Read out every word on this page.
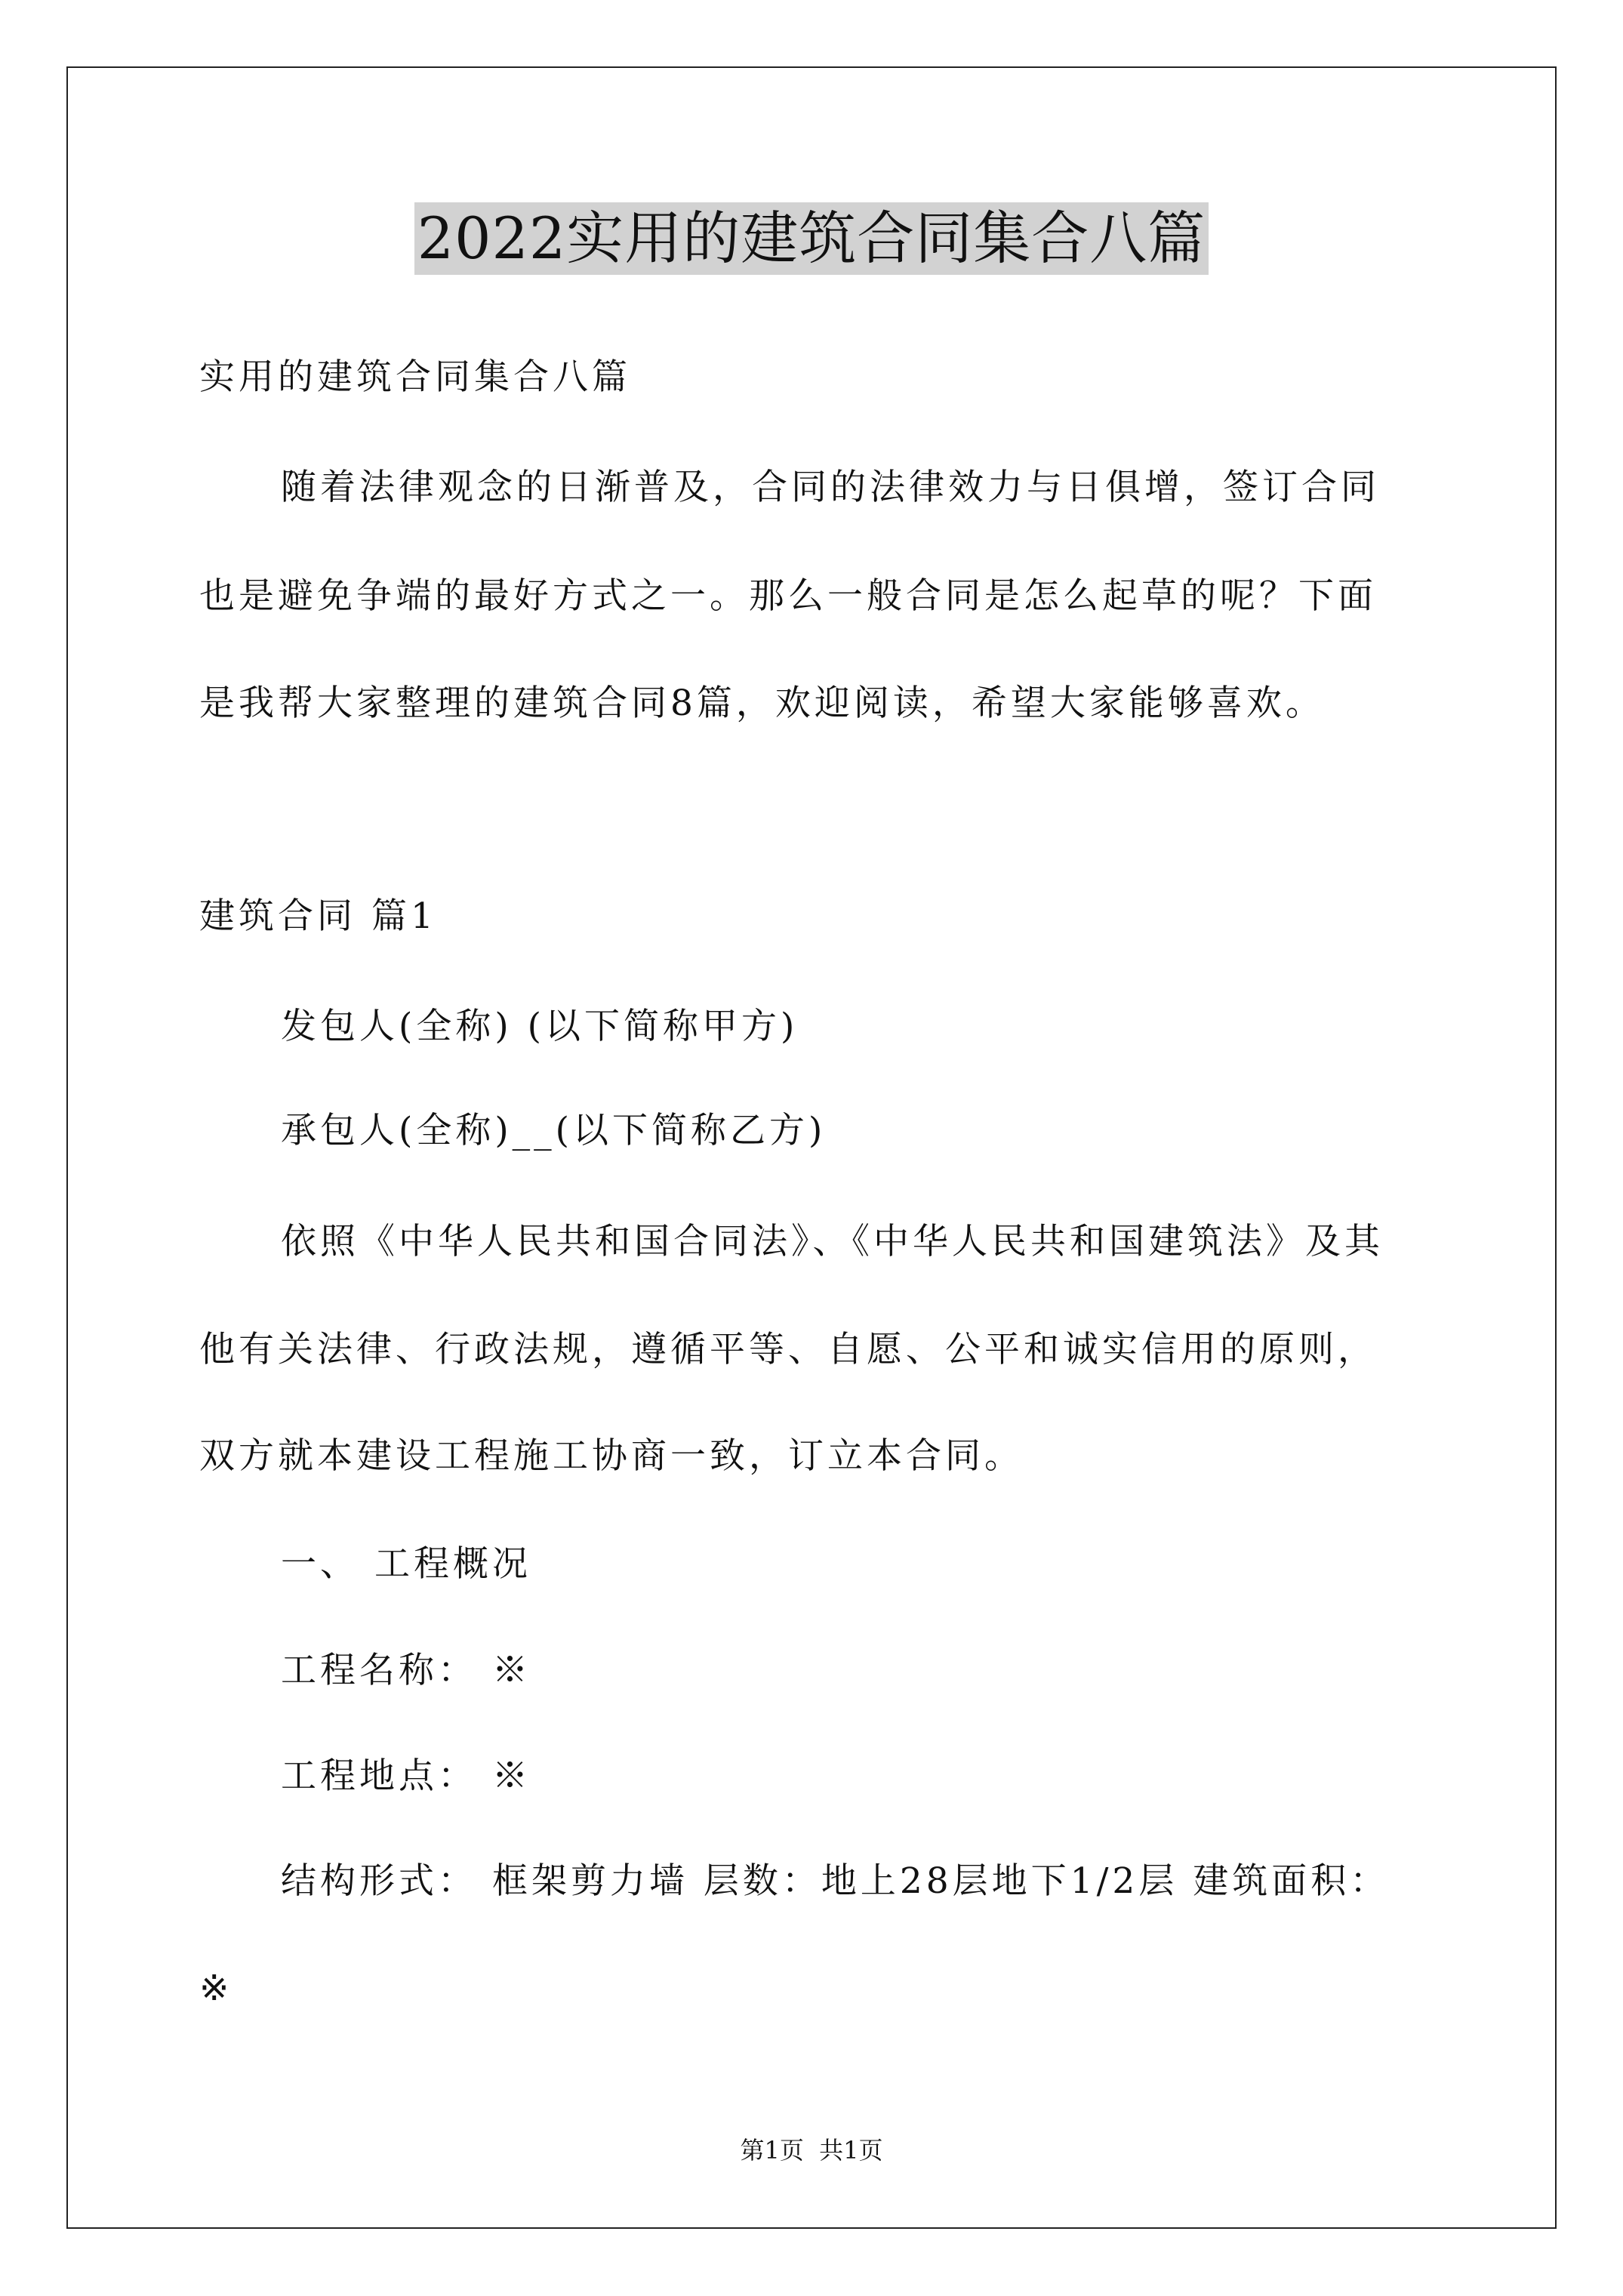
2022实用的建筑合同集合八篇

实用的建筑合同集合八篇

随着法律观念的日渐普及，合同的法律效力与日俱增，签订合同

也是避免争端的最好方式之一。那么一般合同是怎么起草的呢？下面

是我帮大家整理的建筑合同8篇，欢迎阅读，希望大家能够喜欢。

建筑合同 篇1

发包人(全称) (以下简称甲方)

承包人(全称)__(以下简称乙方)

依照《中华人民共和国合同法》、《中华人民共和国建筑法》及其

他有关法律、行政法规，遵循平等、自愿、公平和诚实信用的原则，

双方就本建设工程施工协商一致，订立本合同。

一、 工程概况

工程名称： ※

工程地点： ※

结构形式： 框架剪力墙 层数：地上28层地下1/2层 建筑面积：

※

第1页 共1页
